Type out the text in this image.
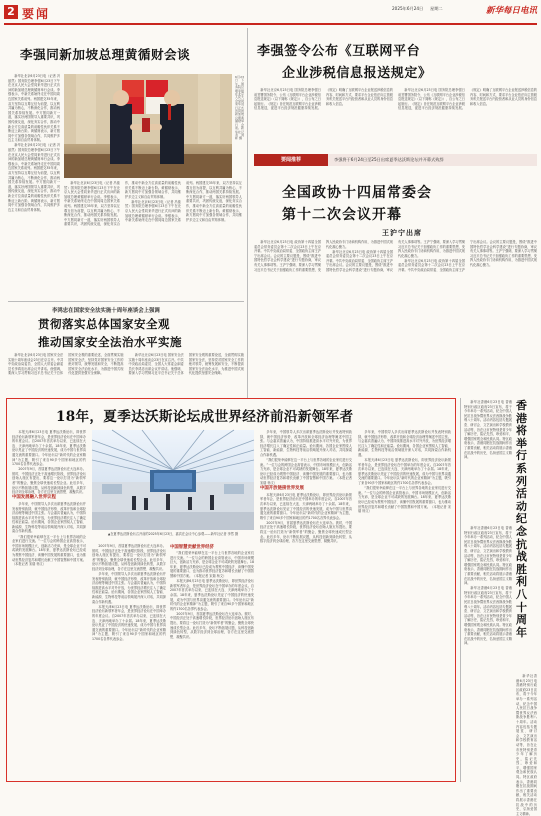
2 要闻	2025年6月24日 星期二	新华每日电讯
李强同新加坡总理黄循财会谈

新华社北京6月23日电（记者 冯歆然）国务院总理李强6月23日下午在北京人民大会堂同来华进行正式访问的新加坡总理黄循财举行会谈。李强表示，中新关系始终走在中国同周边国家关系前列。两国建交35年来，双方坚持以互尊互信为前提，以互利共赢为核心，不断深化合作，推动两国关系持续发展。中方愿同新方一道，落实好两国领导人重要共识，巩固传统友谊，深化务实合作，推动中新全方位高质量的前瞻性伙伴关系不断迈上新台阶。黄循财表示，新方愿同中方加强各领域合作，共同维护多边主义和自由贸易体制。

新华社北京6月23日电（记者 冯歆然）国务院总理李强6月23日下午在北京人民大会堂同来华进行正式访问的新加坡总理黄循财举行会谈。李强表示，中新关系始终走在中国同周边国家关系前列。两国建交35年来，双方坚持以互尊互信为前提，以互利共赢为核心，不断深化合作，推动两国关系持续发展。中方愿同新方一道，落实好两国领导人重要共识，巩固传统友谊，深化务实合作，推动中新全方位高质量的前瞻性伙伴关系不断迈上新台阶。黄循财表示，新方愿同中方加强各领域合作，共同维护多边主义和自由贸易体制。

6月23日下午，国务院总理李强在北京人民大会堂同来华进行正式访问的新加坡总理黄循财举行会谈。新华社记者 刘彬 摄

新华社北京6月23日电（记者 冯歆然）国务院总理李强6月23日下午在北京人民大会堂同来华进行正式访问的新加坡总理黄循财举行会谈。李强表示，中新关系始终走在中国同周边国家关系前列。两国建交35年来，双方坚持以互尊互信为前提，以互利共赢为核心，不断深化合作，推动两国关系持续发展。中方愿同新方一道，落实好两国领导人重要共识，巩固传统友谊，深化务实合作，推动中新全方位高质量的前瞻性伙伴关系不断迈上新台阶。黄循财表示，新方愿同中方加强各领域合作，共同维护多边主义和自由贸易体制。

新华社北京6月23日电（记者 冯歆然）国务院总理李强6月23日下午在北京人民大会堂同来华进行正式访问的新加坡总理黄循财举行会谈。李强表示，中新关系始终走在中国同周边国家关系前列。两国建交35年来，双方坚持以互尊互信为前提，以互利共赢为核心，不断深化合作，推动两国关系持续发展。中方愿同新方一道，落实好两国领导人重要共识，巩固传统友谊，深化务实合作，推动中新全方位高质量的前瞻性伙伴关系不断迈上新台阶。黄循财表示，新方愿同中方加强各领域合作，共同维护多边主义和自由贸易体制。

李强签令公布《互联网平台
企业涉税信息报送规定》

新华社北京6月23日电 国务院总理李强日前签署国务院令，公布《互联网平台企业涉税信息报送规定》（以下简称《规定》），自公布之日起施行。《规定》旨在规范互联网平台企业涉税信息报送，促进平台经济规范健康持续发展。《规定》明确了互联网平台企业报送涉税信息的内容、时间和方式，要求平台企业依法向主管税务机关报送平台内经营者和从业人员的身份信息和收入信息。

新华社北京6月23日电 国务院总理李强日前签署国务院令，公布《互联网平台企业涉税信息报送规定》（以下简称《规定》），自公布之日起施行。《规定》旨在规范互联网平台企业涉税信息报送，促进平台经济规范健康持续发展。《规定》明确了互联网平台企业报送涉税信息的内容、时间和方式，要求平台企业依法向主管税务机关报送平台内经营者和从业人员的身份信息和收入信息。

要闻推荐	李强将于6月24日至25日出席夏季达沃斯论坛并开幕式致辞
全国政协十四届常委会
第十二次会议开幕
王沪宁出席

新华社北京6月23日电 政协第十四届全国委员会常务委员会第十二次会议23日上午在京开幕。中共中央政治局常委、全国政协主席王沪宁出席会议。会议的主要议题是，围绕“推进中国特色哲学社会科学建设”进行专题协商，审议有关人事事项等。王沪宁强调，要深入学习贯彻习近平总书记关于加强政协工作的重要思想，发挥人民政协专门协商机构作用，为推进中国式现代化凝心聚力。

新华社北京6月23日电 政协第十四届全国委员会常务委员会第十二次会议23日上午在京开幕。中共中央政治局常委、全国政协主席王沪宁出席会议。会议的主要议题是，围绕“推进中国特色哲学社会科学建设”进行专题协商，审议有关人事事项等。王沪宁强调，要深入学习贯彻习近平总书记关于加强政协工作的重要思想，发挥人民政协专门协商机构作用，为推进中国式现代化凝心聚力。

新华社北京6月23日电 政协第十四届全国委员会常务委员会第十二次会议23日上午在京开幕。中共中央政治局常委、全国政协主席王沪宁出席会议。会议的主要议题是，围绕“推进中国特色哲学社会科学建设”进行专题协商，审议有关人事事项等。王沪宁强调，要深入学习贯彻习近平总书记关于加强政协工作的重要思想，发挥人民政协专门协商机构作用，为推进中国式现代化凝心聚力。

李鸿忠在国家安全法实施十周年座谈会上强调
贯彻落实总体国家安全观
推动国家安全法治水平实施

新华社北京6月23日电 国家安全法实施十周年座谈会23日在京召开。中共中央政治局委员、全国人大常委会副委员长李鸿忠出席会议并讲话。他强调，要深入学习贯彻习近平总书记关于总体国家安全观的重要论述，全面贯彻实施国家安全法，坚持党对国家安全工作的绝对领导，统筹发展和安全，不断提高国家安全法治化水平，为推进中国式现代化提供坚强安全保障。

新华社北京6月23日电 国家安全法实施十周年座谈会23日在京召开。中共中央政治局委员、全国人大常委会副委员长李鸿忠出席会议并讲话。他强调，要深入学习贯彻习近平总书记关于总体国家安全观的重要论述，全面贯彻实施国家安全法，坚持党对国家安全工作的绝对领导，统筹发展和安全，不断提高国家安全法治化水平，为推进中国式现代化提供坚强安全保障。

18年，夏季达沃斯论坛成世界经济前沿新领军者

本报天津6月23日电 夏季达沃斯论坛，即世界经济论坛新领军者年会，是世界经济论坛在中国举办的年度会议。自2007年首次举办以来，已连续在大连、天津两地举办了十余届。18年来，夏季达沃斯论坛见证了中国经济的快速发展，成为中国与世界沟通交流的重要窗口。今年论坛以“新时代的企业家精神”为主题，吸引了来自90多个国家和地区的约1700名各界代表参会。

2007年9月，首届夏季达沃斯论坛在大连举办。彼时，中国经济正处于高速增长阶段，世界经济论坛创始人施瓦布提出，要将这一论坛打造为“新领军者”的聚会，聚焦全球快速成长型企业。此后多年，论坛不断拓展议题，从科技创新到绿色转型，从数字经济到全球治理，各方在这里交流思想、凝聚共识。

中国发展融入世界议程

多年来，中国领导人多次出席夏季达沃斯论坛并发表特别致辞，就中国经济形势、改革开放和全球经济治理等阐述中国主张。与会嘉宾普遍认为，中国持续推进高水平对外开放，为世界经济增长注入了确定性和正能量。论坛期间，各国企业家围绕人工智能、新能源、生物科技等前沿领域展开深入对话，共同探索合作新机遇。

“我们很荣幸能够在这一平台上与世界各地的企业家们进行交流。”一位与会的跨国企业高管表示，中国市场规模巨大，创新活力充沛，是全球企业不可或缺的发展舞台。18年来，夏季达沃斯论坛已经成为观察中国经济、读懂中国发展的重要窗口，也为推动世界经济复苏和增长贡献了中国智慧和中国方案。（本报记者 宋瑞 杨文）

▲在夏季达沃斯论坛召开前的2025年6月23日，嘉宾在会议中心参观——新华社记者 李然 摄

2007年9月，首届夏季达沃斯论坛在大连举办。彼时，中国经济正处于高速增长阶段，世界经济论坛创始人施瓦布提出，要将这一论坛打造为“新领军者”的聚会，聚焦全球快速成长型企业。此后多年，论坛不断拓展议题，从科技创新到绿色转型，从数字经济到全球治理，各方在这里交流思想、凝聚共识。

多年来，中国领导人多次出席夏季达沃斯论坛并发表特别致辞，就中国经济形势、改革开放和全球经济治理等阐述中国主张。与会嘉宾普遍认为，中国持续推进高水平对外开放，为世界经济增长注入了确定性和正能量。论坛期间，各国企业家围绕人工智能、新能源、生物科技等前沿领域展开深入对话，共同探索合作新机遇。

本报天津6月23日电 夏季达沃斯论坛，即世界经济论坛新领军者年会，是世界经济论坛在中国举办的年度会议。自2007年首次举办以来，已连续在大连、天津两地举办了十余届。18年来，夏季达沃斯论坛见证了中国经济的快速发展，成为中国与世界沟通交流的重要窗口。今年论坛以“新时代的企业家精神”为主题，吸引了来自90多个国家和地区的约1700名各界代表参会。

中国智慧贡献世界经济

“我们很荣幸能够在这一平台上与世界各地的企业家们进行交流。”一位与会的跨国企业高管表示，中国市场规模巨大，创新活力充沛，是全球企业不可或缺的发展舞台。18年来，夏季达沃斯论坛已经成为观察中国经济、读懂中国发展的重要窗口，也为推动世界经济复苏和增长贡献了中国智慧和中国方案。（本报记者 宋瑞 杨文）

本报天津6月23日电 夏季达沃斯论坛，即世界经济论坛新领军者年会，是世界经济论坛在中国举办的年度会议。自2007年首次举办以来，已连续在大连、天津两地举办了十余届。18年来，夏季达沃斯论坛见证了中国经济的快速发展，成为中国与世界沟通交流的重要窗口。今年论坛以“新时代的企业家精神”为主题，吸引了来自90多个国家和地区的约1700名各界代表参会。

2007年9月，首届夏季达沃斯论坛在大连举办。彼时，中国经济正处于高速增长阶段，世界经济论坛创始人施瓦布提出，要将这一论坛打造为“新领军者”的聚会，聚焦全球快速成长型企业。此后多年，论坛不断拓展议题，从科技创新到绿色转型，从数字经济到全球治理，各方在这里交流思想、凝聚共识。

多年来，中国领导人多次出席夏季达沃斯论坛并发表特别致辞，就中国经济形势、改革开放和全球经济治理等阐述中国主张。与会嘉宾普遍认为，中国持续推进高水平对外开放，为世界经济增长注入了确定性和正能量。论坛期间，各国企业家围绕人工智能、新能源、生物科技等前沿领域展开深入对话，共同探索合作新机遇。

“我们很荣幸能够在这一平台上与世界各地的企业家们进行交流。”一位与会的跨国企业高管表示，中国市场规模巨大，创新活力充沛，是全球企业不可或缺的发展舞台。18年来，夏季达沃斯论坛已经成为观察中国经济、读懂中国发展的重要窗口，也为推动世界经济复苏和增长贡献了中国智慧和中国方案。（本报记者 宋瑞 杨文）

中国开放链接世界发展

本报天津6月23日电 夏季达沃斯论坛，即世界经济论坛新领军者年会，是世界经济论坛在中国举办的年度会议。自2007年首次举办以来，已连续在大连、天津两地举办了十余届。18年来，夏季达沃斯论坛见证了中国经济的快速发展，成为中国与世界沟通交流的重要窗口。今年论坛以“新时代的企业家精神”为主题，吸引了来自90多个国家和地区的约1700名各界代表参会。

2007年9月，首届夏季达沃斯论坛在大连举办。彼时，中国经济正处于高速增长阶段，世界经济论坛创始人施瓦布提出，要将这一论坛打造为“新领军者”的聚会，聚焦全球快速成长型企业。此后多年，论坛不断拓展议题，从科技创新到绿色转型，从数字经济到全球治理，各方在这里交流思想、凝聚共识。

多年来，中国领导人多次出席夏季达沃斯论坛并发表特别致辞，就中国经济形势、改革开放和全球经济治理等阐述中国主张。与会嘉宾普遍认为，中国持续推进高水平对外开放，为世界经济增长注入了确定性和正能量。论坛期间，各国企业家围绕人工智能、新能源、生物科技等前沿领域展开深入对话，共同探索合作新机遇。

本报天津6月23日电 夏季达沃斯论坛，即世界经济论坛新领军者年会，是世界经济论坛在中国举办的年度会议。自2007年首次举办以来，已连续在大连、天津两地举办了十余届。18年来，夏季达沃斯论坛见证了中国经济的快速发展，成为中国与世界沟通交流的重要窗口。今年论坛以“新时代的企业家精神”为主题，吸引了来自90多个国家和地区的约1700名各界代表参会。

“我们很荣幸能够在这一平台上与世界各地的企业家们进行交流。”一位与会的跨国企业高管表示，中国市场规模巨大，创新活力充沛，是全球企业不可或缺的发展舞台。18年来，夏季达沃斯论坛已经成为观察中国经济、读懂中国发展的重要窗口，也为推动世界经济复苏和增长贡献了中国智慧和中国方案。（本报记者 宋瑞 杨文）

新华社香港6月23日电 香港特别行政区政府23日宣布，将于今年举办一系列活动，纪念中国人民抗日战争暨世界反法西斯战争胜利八十周年。活动内容包括专题展览、研讨会、文艺演出和学校教育活动等，旨在让市民特别是青少年了解历史，铭记先烈，珍爱和平，增强国家观念和民族认同。特区政府表示，香港同胞在抗战期间作出了重要贡献，相关活动将展示香港在抗战中的历史，弘扬爱国主义精神。

香港将举行系列活动纪念抗战胜利八十周年

新华社香港6月23日电 香港特别行政区政府23日宣布，将于今年举办一系列活动，纪念中国人民抗日战争暨世界反法西斯战争胜利八十周年。活动内容包括专题展览、研讨会、文艺演出和学校教育活动等，旨在让市民特别是青少年了解历史，铭记先烈，珍爱和平，增强国家观念和民族认同。特区政府表示，香港同胞在抗战期间作出了重要贡献，相关活动将展示香港在抗战中的历史，弘扬爱国主义精神。

新华社香港6月23日电 香港特别行政区政府23日宣布，将于今年举办一系列活动，纪念中国人民抗日战争暨世界反法西斯战争胜利八十周年。活动内容包括专题展览、研讨会、文艺演出和学校教育活动等，旨在让市民特别是青少年了解历史，铭记先烈，珍爱和平，增强国家观念和民族认同。特区政府表示，香港同胞在抗战期间作出了重要贡献，相关活动将展示香港在抗战中的历史，弘扬爱国主义精神。

新华社香港6月23日电 香港特别行政区政府23日宣布，将于今年举办一系列活动，纪念中国人民抗日战争暨世界反法西斯战争胜利八十周年。活动内容包括专题展览、研讨会、文艺演出和学校教育活动等，旨在让市民特别是青少年了解历史，铭记先烈，珍爱和平，增强国家观念和民族认同。特区政府表示，香港同胞在抗战期间作出了重要贡献，相关活动将展示香港在抗战中的历史，弘扬爱国主义精神。
